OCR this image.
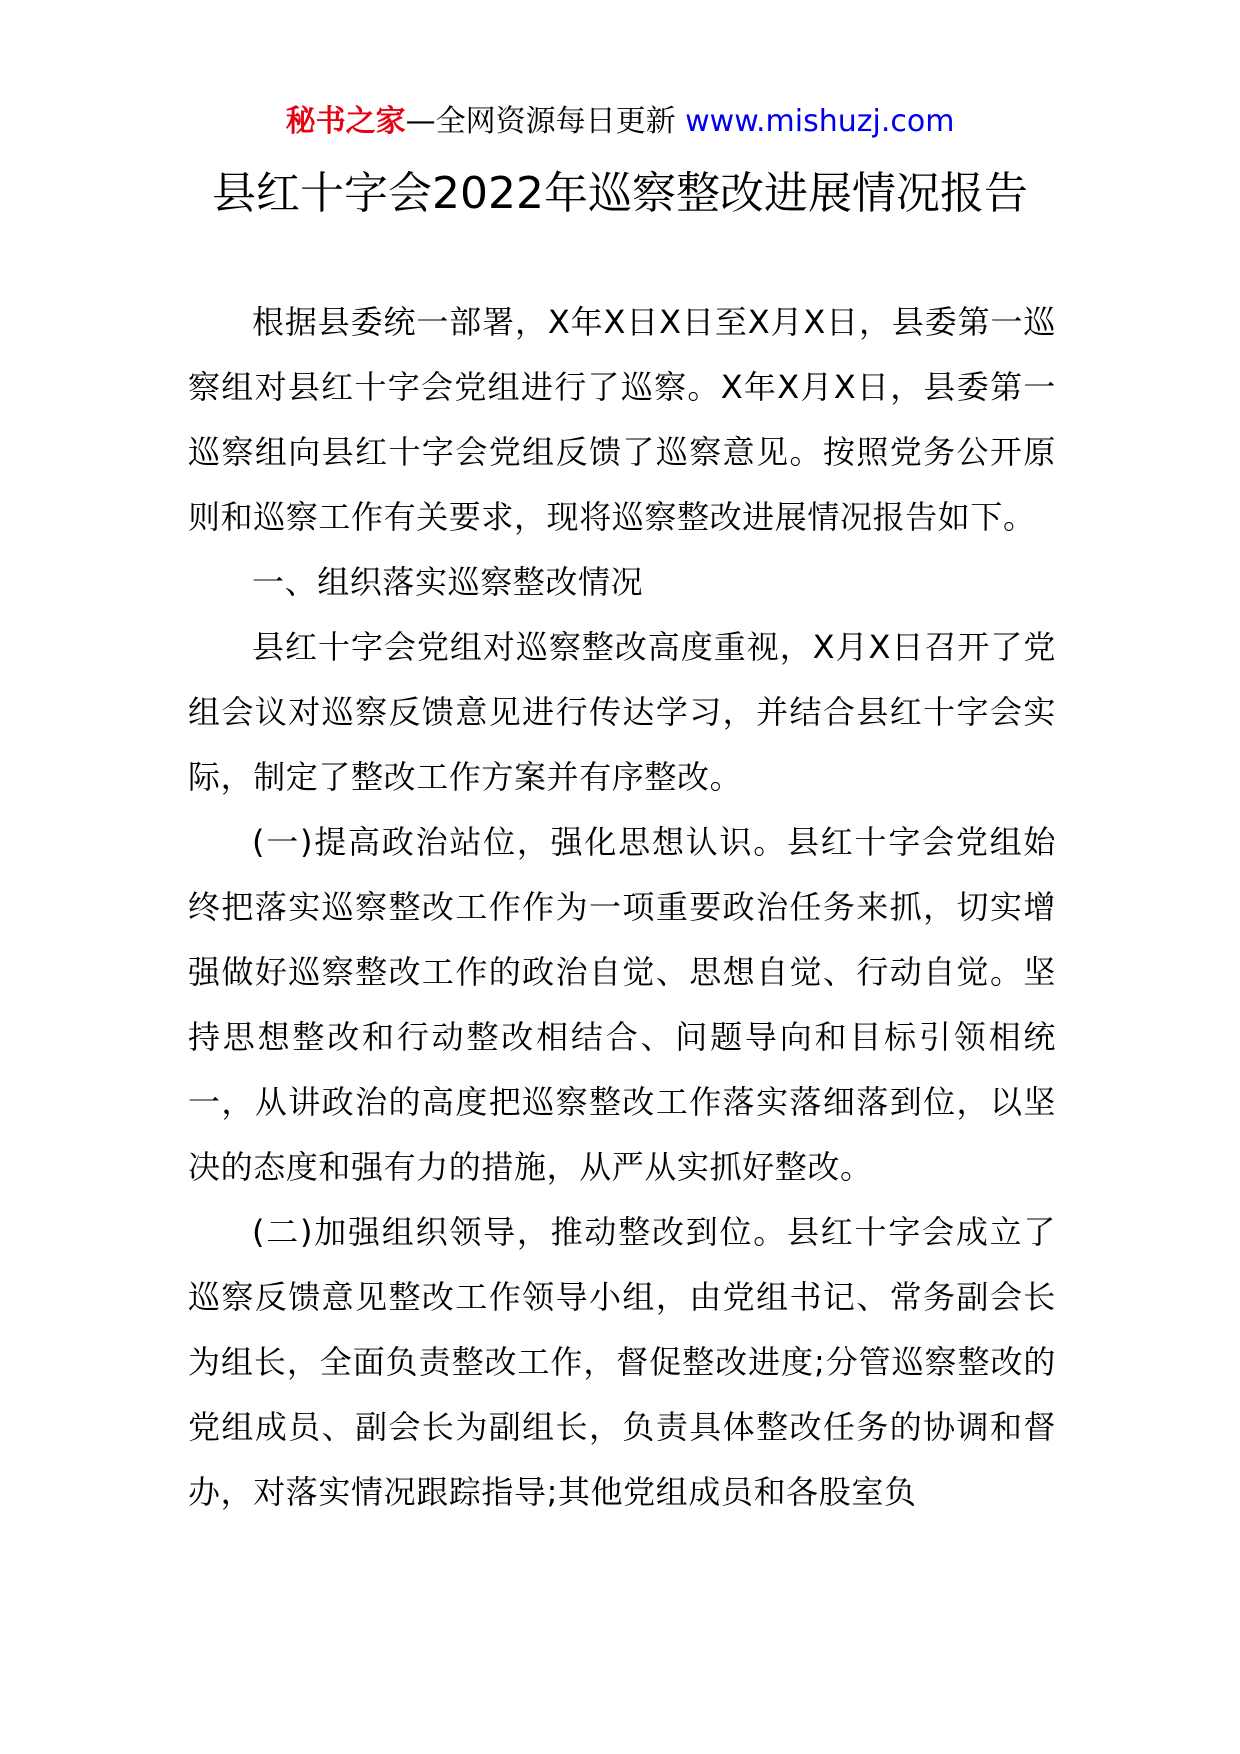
秘书之家—全网资源每日更新 www.mishuzj.com
县红十字会2022年巡察整改进展情况报告

根据县委统一部署，X年X日X日至X月X日，县委第一巡察组对县红十字会党组进行了巡察。X年X月X日，县委第一巡察组向县红十字会党组反馈了巡察意见。按照党务公开原则和巡察工作有关要求，现将巡察整改进展情况报告如下。

一、组织落实巡察整改情况

县红十字会党组对巡察整改高度重视，X月X日召开了党组会议对巡察反馈意见进行传达学习，并结合县红十字会实际，制定了整改工作方案并有序整改。

(一)提高政治站位，强化思想认识。县红十字会党组始终把落实巡察整改工作作为一项重要政治任务来抓，切实增强做好巡察整改工作的政治自觉、思想自觉、行动自觉。坚持思想整改和行动整改相结合、问题导向和目标引领相统一，从讲政治的高度把巡察整改工作落实落细落到位，以坚决的态度和强有力的措施，从严从实抓好整改。

(二)加强组织领导，推动整改到位。县红十字会成立了巡察反馈意见整改工作领导小组，由党组书记、常务副会长为组长，全面负责整改工作，督促整改进度;分管巡察整改的党组成员、副会长为副组长，负责具体整改任务的协调和督办，对落实情况跟踪指导;其他党组成员和各股室负
